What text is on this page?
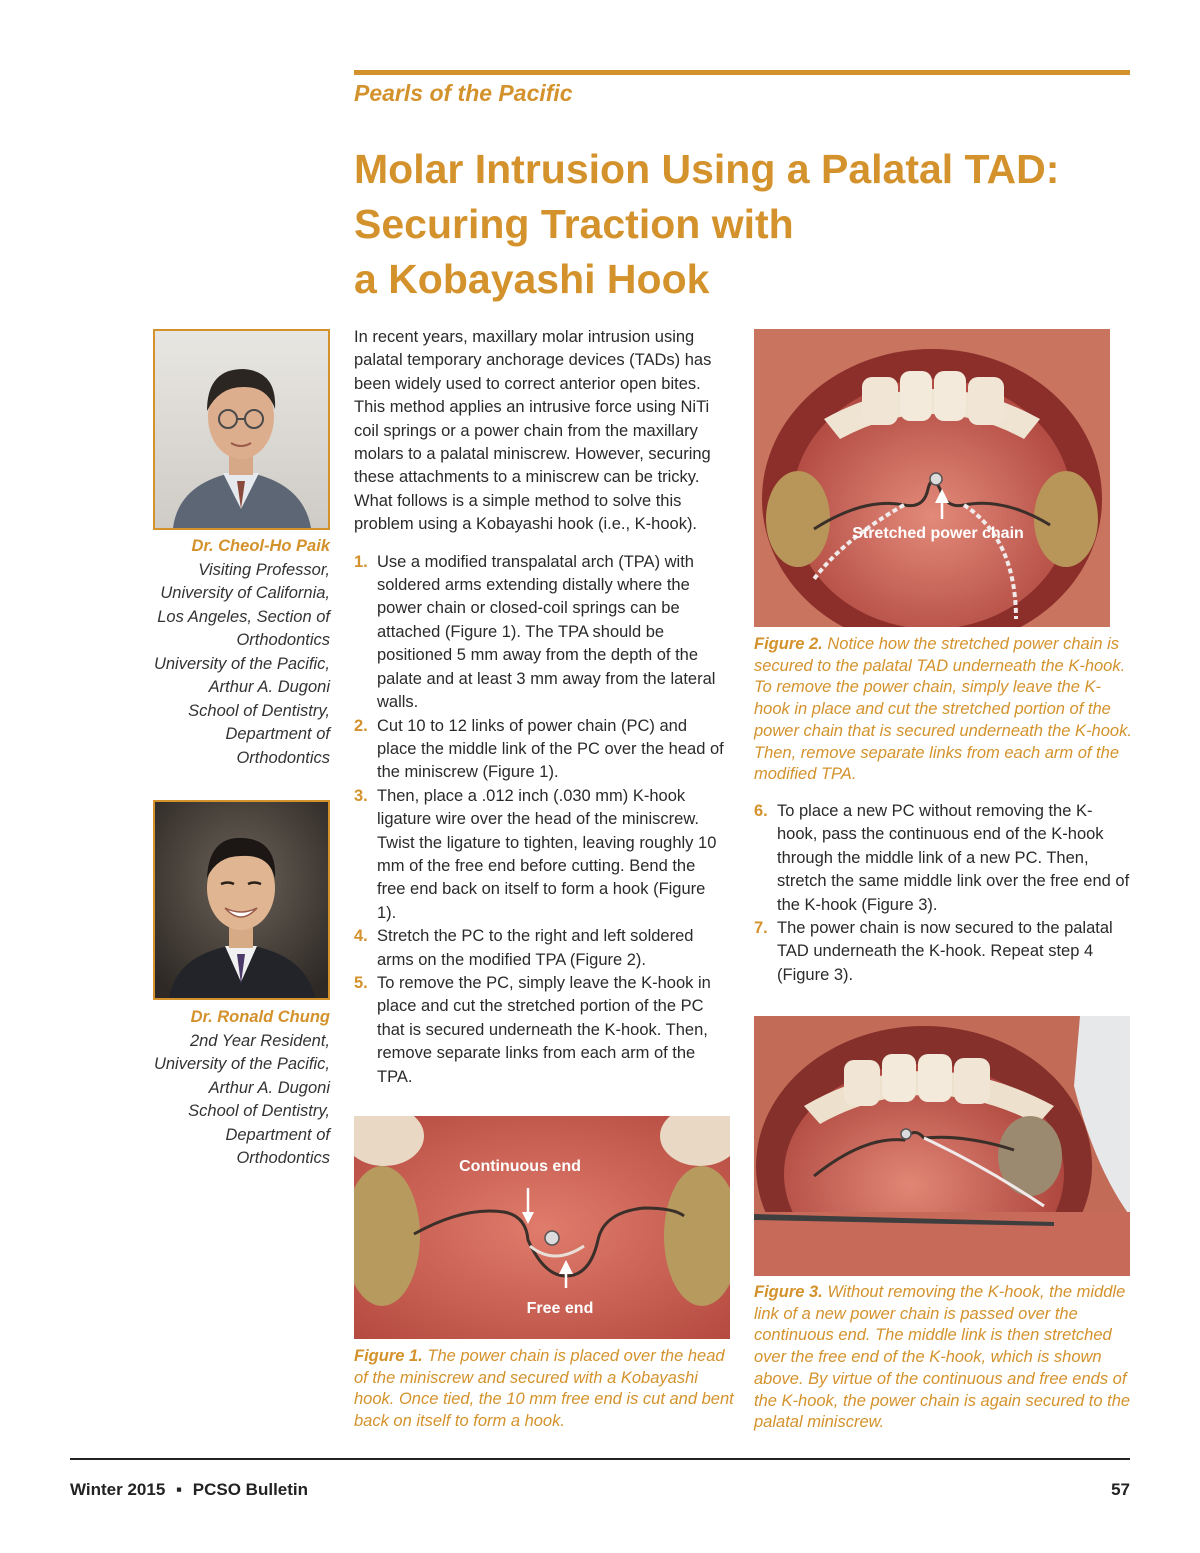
Pearls of the Pacific
Molar Intrusion Using a Palatal TAD:
Securing Traction with
a Kobayashi Hook
Dr. Cheol-Ho Paik
Visiting Professor,
University of California,
Los Angeles, Section of
Orthodontics
University of the Pacific,
Arthur A. Dugoni
School of Dentistry,
Department of
Orthodontics
Dr. Ronald Chung
2nd Year Resident,
University of the Pacific,
Arthur A. Dugoni
School of Dentistry,
Department of
Orthodontics

In recent years, maxillary molar intrusion using palatal temporary anchorage devices (TADs) has been widely used to correct anterior open bites. This method applies an intrusive force using NiTi coil springs or a power chain from the maxillary molars to a palatal miniscrew. However, securing these attachments to a miniscrew can be tricky. What follows is a simple method to solve this problem using a Kobayashi hook (i.e., K-hook).

1. Use a modified transpalatal arch (TPA) with soldered arms extending distally where the power chain or closed-coil springs can be attached (Figure 1). The TPA should be positioned 5 mm away from the depth of the palate and at least 3 mm away from the lateral walls.
2. Cut 10 to 12 links of power chain (PC) and place the middle link of the PC over the head of the miniscrew (Figure 1).
3. Then, place a .012 inch (.030 mm) K-hook ligature wire over the head of the miniscrew. Twist the ligature to tighten, leaving roughly 10 mm of the free end before cutting. Bend the free end back on itself to form a hook (Figure 1).
4. Stretch the PC to the right and left soldered arms on the modified TPA (Figure 2).
5. To remove the PC, simply leave the K-hook in place and cut the stretched portion of the PC that is secured underneath the K-hook. Then, remove separate links from each arm of the TPA.
Continuous end
Free end
Figure 1. The power chain is placed over the head of the miniscrew and secured with a Kobayashi hook. Once tied, the 10 mm free end is cut and bent back on itself to form a hook.
Stretched power chain
Figure 2. Notice how the stretched power chain is secured to the palatal TAD underneath the K-hook. To remove the power chain, simply leave the K-hook in place and cut the stretched portion of the power chain that is secured underneath the K-hook. Then, remove separate links from each arm of the modified TPA.
6. To place a new PC without removing the K-hook, pass the continuous end of the K-hook through the middle link of a new PC. Then, stretch the same middle link over the free end of the K-hook (Figure 3).
7. The power chain is now secured to the palatal TAD underneath the K-hook. Repeat step 4 (Figure 3).
Figure 3. Without removing the K-hook, the middle link of a new power chain is passed over the continuous end. The middle link is then stretched over the free end of the K-hook, which is shown above. By virtue of the continuous and free ends of the K-hook, the power chain is again secured to the palatal miniscrew.
Winter 2015 ▪ PCSO Bulletin	57
